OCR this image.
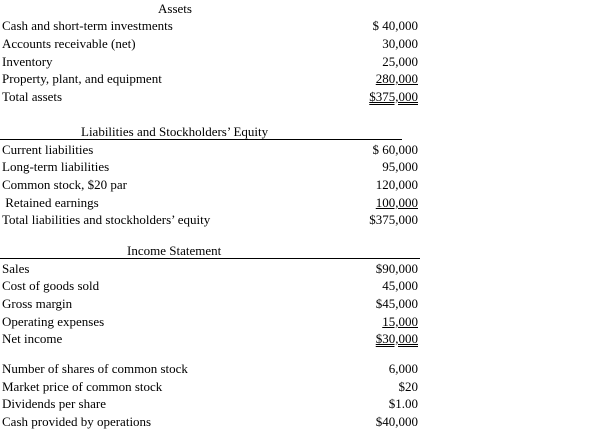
Assets
Cash and short-term investments	$ 40,000
Accounts receivable (net)	30,000
Inventory	25,000
Property, plant, and equipment	280,000
Total assets	$375,000
Liabilities and Stockholders’ Equity
Current liabilities	$ 60,000
Long-term liabilities	95,000
Common stock, $20 par	120,000
Retained earnings	100,000
Total liabilities and stockholders’ equity	$375,000
Income Statement
Sales	$90,000
Cost of goods sold	45,000
Gross margin	$45,000
Operating expenses	15,000
Net income	$30,000
Number of shares of common stock	6,000
Market price of common stock	$20
Dividends per share	$1.00
Cash provided by operations	$40,000
